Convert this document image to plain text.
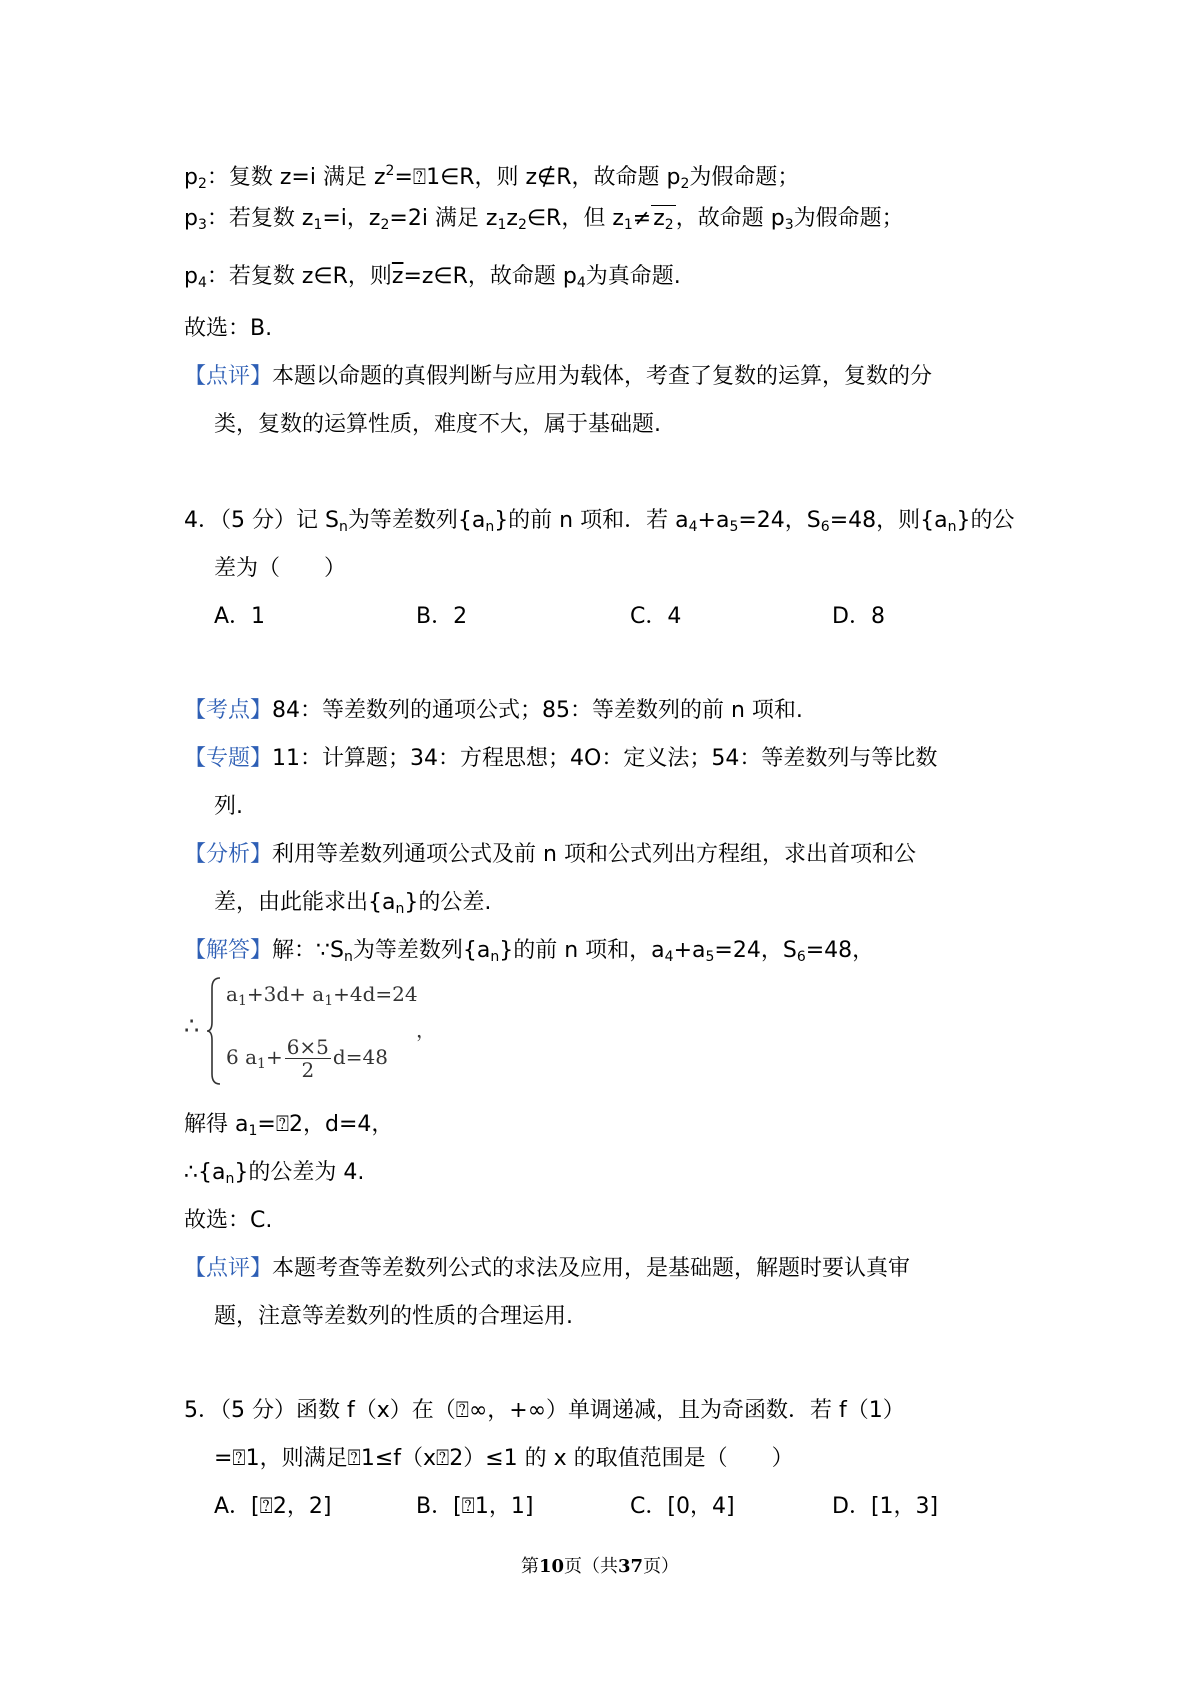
$p_2$：复数 z=i 满足 $z^2=⍰1\in R$，则 z∉R，故命题 $p_2$为假命题；
$p_3$：若复数 $z_1=i$，$z_2=2i$ 满足 $z_1z_2\in R$，但 $z_1\ne z_2$，故命题 $p_3$为假命题；
$p_4$：若复数 z∈R，则$\overline{z}=z\in R$，故命题 $p_4$为真命题.
故选：B.
【点评】本题以命题的真假判断与应用为载体，考查了复数的运算，复数的分
类，复数的运算性质，难度不大，属于基础题.
4．（5 分）记 $S_n$为等差数列$\{a_n\}$的前 n 项和．若 $a_4+a_5=24$，$S_6=48$，则$\{a_n\}$的公
差为（　　）
A．1	B．2	C．4	D．8
【考点】84：等差数列的通项公式；85：等差数列的前 n 项和.
【专题】11：计算题；34：方程思想；4O：定义法；54：等差数列与等比数
列.
【分析】利用等差数列通项公式及前 n 项和公式列出方程组，求出首项和公
差，由此能求出$\{a_n\}$的公差.
【解答】解：$\because S_n$为等差数列$\{a_n\}$的前 n 项和，$a_4+a_5=24$，$S_6=48$，
∴
$a_1+3d+ a_1+4d=24$
6 $a_1+ \frac{6\times 5}{2} d=48$
，
解得 $a_1=⍰2$，d=4，
$\therefore\{a_n\}$的公差为 4.
故选：C.
【点评】本题考查等差数列公式的求法及应用，是基础题，解题时要认真审
题，注意等差数列的性质的合理运用.
5．（5 分）函数 f（x）在（⍰∞，+∞）单调递减，且为奇函数．若 f（1）
=⍰1，则满足⍰1≤f（x⍰2）≤1 的 x 的取值范围是（　　）
A．[⍰2，2]	B．[⍰1，1]	C．[0，4]	D．[1，3]
第10页（共37页）
